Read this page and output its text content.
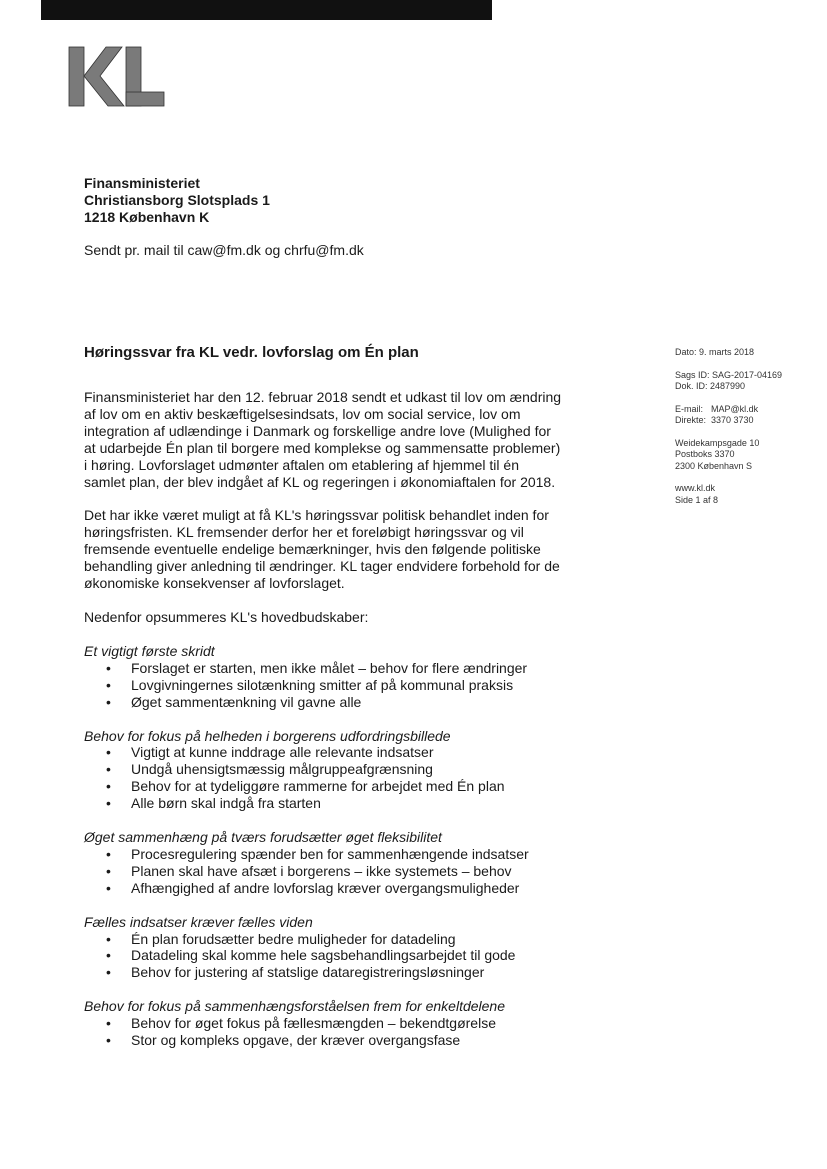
Finansministeriet
Christiansborg Slotsplads 1
1218 København K
Sendt pr. mail til caw@fm.dk og chrfu@fm.dk
Høringssvar fra KL vedr. lovforslag om Én plan

Finansministeriet har den 12. februar 2018 sendt et udkast til lov om ændring af lov om en aktiv beskæftigelsesindsats, lov om social service, lov om integration af udlændinge i Danmark og forskellige andre love (Mulighed for at udarbejde Én plan til borgere med komplekse og sammensatte problemer) i høring. Lovforslaget udmønter aftalen om etablering af hjemmel til én samlet plan, der blev indgået af KL og regeringen i økonomiaftalen for 2018.

Det har ikke været muligt at få KL's høringssvar politisk behandlet inden for høringsfristen. KL fremsender derfor her et foreløbigt høringssvar og vil fremsende eventuelle endelige bemærkninger, hvis den følgende politiske behandling giver anledning til ændringer. KL tager endvidere forbehold for de økonomiske konsekvenser af lovforslaget.

Nedenfor opsummeres KL's hovedbudskaber:

Et vigtigt første skridt
• Forslaget er starten, men ikke målet – behov for flere ændringer
• Lovgivningernes silotænkning smitter af på kommunal praksis
• Øget sammentænkning vil gavne alle
Behov for fokus på helheden i borgerens udfordringsbillede
• Vigtigt at kunne inddrage alle relevante indsatser
• Undgå uhensigtsmæssig målgruppeafgrænsning
• Behov for at tydeliggøre rammerne for arbejdet med Én plan
• Alle børn skal indgå fra starten
Øget sammenhæng på tværs forudsætter øget fleksibilitet
• Procesregulering spænder ben for sammenhængende indsatser
• Planen skal have afsæt i borgerens – ikke systemets – behov
• Afhængighed af andre lovforslag kræver overgangsmuligheder
Fælles indsatser kræver fælles viden
• Én plan forudsætter bedre muligheder for datadeling
• Datadeling skal komme hele sagsbehandlingsarbejdet til gode
• Behov for justering af statslige dataregistreringsløsninger
Behov for fokus på sammenhængsforståelsen frem for enkeltdelene
• Behov for øget fokus på fællesmængden – bekendtgørelse
• Stor og kompleks opgave, der kræver overgangsfase
Dato: 9. marts 2018
Sags ID: SAG-2017-04169
Dok. ID: 2487990
E-mail: MAP@kl.dk
Direkte: 3370 3730
Weidekampsgade 10
Postboks 3370
2300 København S
www.kl.dk
Side 1 af 8
